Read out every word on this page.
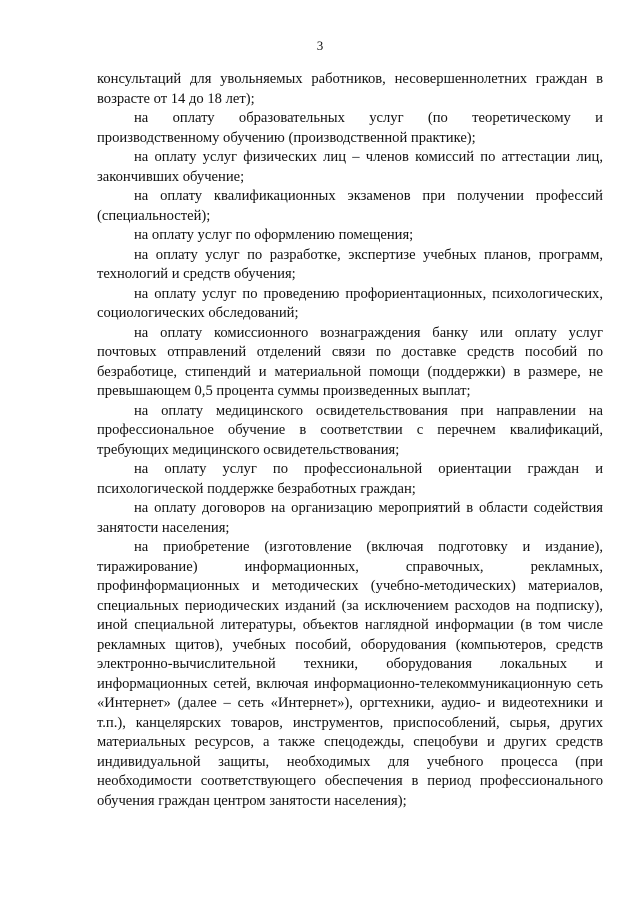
3

консультаций для увольняемых работников, несовершеннолетних граждан в возрасте от 14 до 18 лет);

на оплату образовательных услуг (по теоретическому и производственному обучению (производственной практике);

на оплату услуг физических лиц – членов комиссий по аттестации лиц, закончивших обучение;

на оплату квалификационных экзаменов при получении профессий (специальностей);

на оплату услуг по оформлению помещения;

на оплату услуг по разработке, экспертизе учебных планов, программ, технологий и средств обучения;

на оплату услуг по проведению профориентационных, психологических, социологических обследований;

на оплату комиссионного вознаграждения банку или оплату услуг почтовых отправлений отделений связи по доставке средств пособий по безработице, стипендий и материальной помощи (поддержки) в размере, не превышающем 0,5 процента суммы произведенных выплат;

на оплату медицинского освидетельствования при направлении на профессиональное обучение в соответствии с перечнем квалификаций, требующих медицинского освидетельствования;

на оплату услуг по профессиональной ориентации граждан и психологической поддержке безработных граждан;

на оплату договоров на организацию мероприятий в области содействия занятости населения;

на приобретение (изготовление (включая подготовку и издание), тиражирование) информационных, справочных, рекламных, профинформационных и методических (учебно-методических) материалов, специальных периодических изданий (за исключением расходов на подписку), иной специальной литературы, объектов наглядной информации (в том числе рекламных щитов), учебных пособий, оборудования (компьютеров, средств электронно-вычислительной техники, оборудования локальных и информационных сетей, включая информационно-телекоммуникационную сеть «Интернет» (далее – сеть «Интернет»), оргтехники, аудио- и видеотехники и т.п.), канцелярских товаров, инструментов, приспособлений, сырья, других материальных ресурсов, а также спецодежды, спецобуви и других средств индивидуальной защиты, необходимых для учебного процесса (при необходимости соответствующего обеспечения в период профессионального обучения граждан центром занятости населения);
